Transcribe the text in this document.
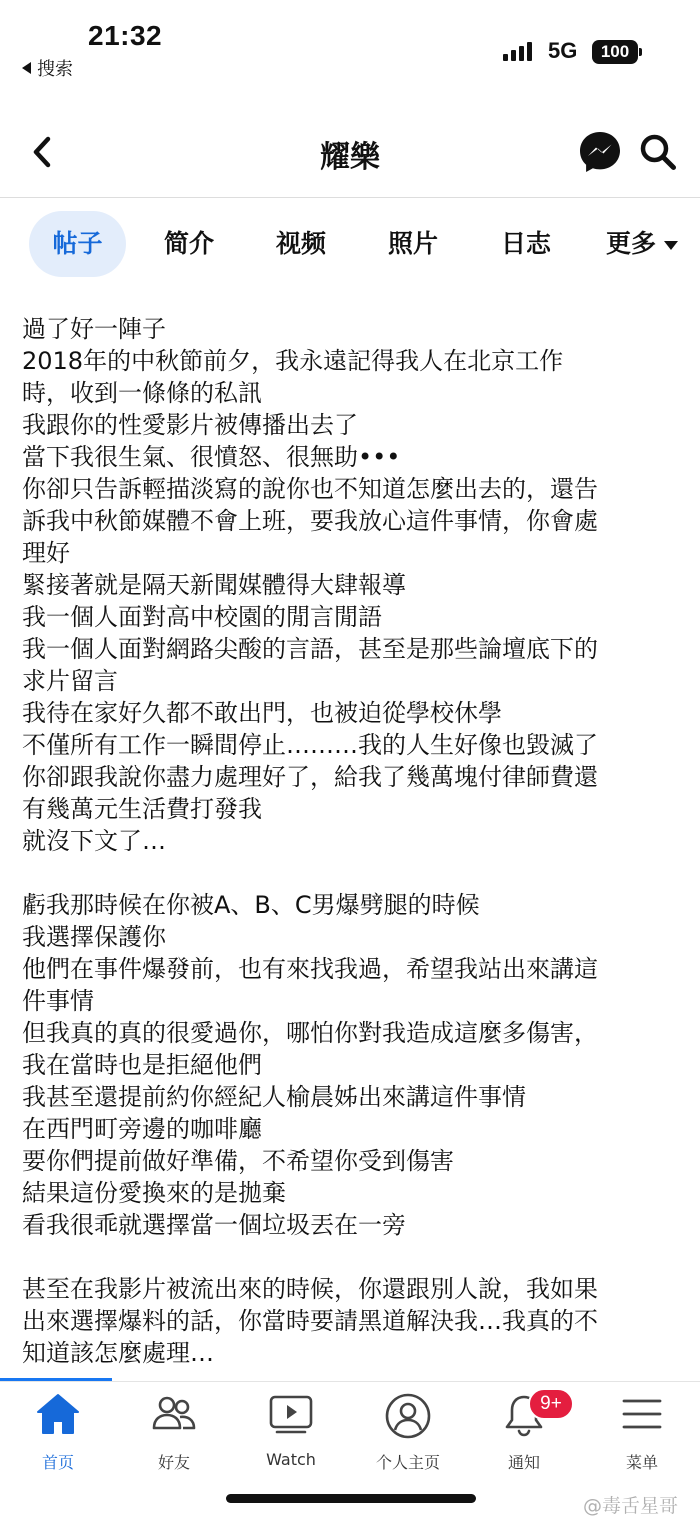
21:32
搜索
5G	100
耀樂
帖子	简介	视频	照片	日志	更多
過了好一陣子
2018年的中秋節前夕，我永遠記得我人在北京工作
時，收到一條條的私訊
我跟你的性愛影片被傳播出去了
當下我很生氣、很憤怒、很無助•••
你卻只告訴輕描淡寫的說你也不知道怎麼出去的，還告
訴我中秋節媒體不會上班，要我放心這件事情，你會處
理好
緊接著就是隔天新聞媒體得大肆報導
我一個人面對高中校園的閒言閒語
我一個人面對網路尖酸的言語，甚至是那些論壇底下的
求片留言
我待在家好久都不敢出門，也被迫從學校休學
不僅所有工作一瞬間停止………我的人生好像也毀滅了
你卻跟我說你盡力處理好了，給我了幾萬塊付律師費還
有幾萬元生活費打發我
就沒下文了…
虧我那時候在你被A、B、C男爆劈腿的時候
我選擇保護你
他們在事件爆發前，也有來找我過，希望我站出來講這
件事情
但我真的真的很愛過你，哪怕你對我造成這麼多傷害，
我在當時也是拒絕他們
我甚至還提前約你經紀人榆晨姊出來講這件事情
在西門町旁邊的咖啡廳
要你們提前做好準備，不希望你受到傷害
結果這份愛換來的是拋棄
看我很乖就選擇當一個垃圾丟在一旁
甚至在我影片被流出來的時候，你還跟別人說，我如果
出來選擇爆料的話，你當時要請黑道解決我…我真的不
知道該怎麼處理…
首页	好友	Watch	个人主页	通知	菜单
9+
@毒舌星哥
